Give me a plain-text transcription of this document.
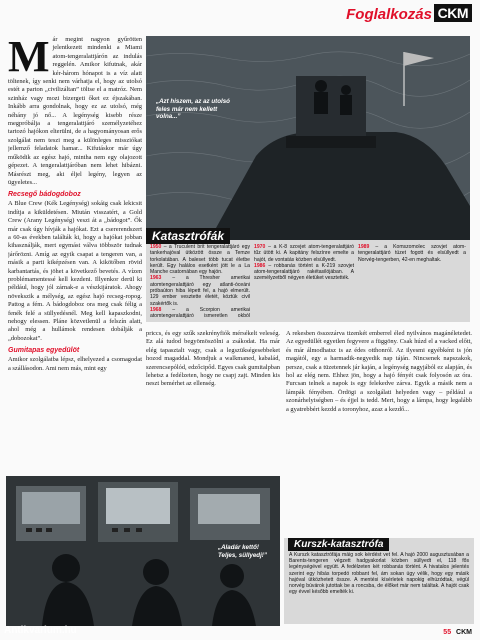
Foglalkozás CKM
M ár megint nagyon gyűrötten jelentkezett mindenki a Miami atom-tengeralattjárón az indulás reggelén. Amikor kifutnak, akár kér-három hónapot is a víz alatt töltenek, így senki nem várhatja el, hogy az utolsó estét a parton „civilizáltan” töltse el a matróz. Nem szinház vagy mozi bizergeti őket ez éjszakában. Inkább arra gondolnak, hogy ez az utolsó, még néhány jó nő... A legénység kisebb része megpróbálja a tengeralattjáró személyzetéhez tartozó hajókon elterülni, de a hagyományosan erős szolgálat nem teszi meg a különleges missziókat jellemző feladatok hamar... Kifutáskor már úgy működik az egész hajó, mintha nem egy olajozott gépezet. A tengeralattjáróban nem lehet hibázni. Másrészt meg, aki éljel legény, legyen az ügyeletes...

Recsegő bádogdoboz

A Blue Crew (Kék Legénység) sokáig csak lekicsit indítja a kiküldetésen. Miután visszatért, a Gold Crew (Arany Legénység) veszi át a „bádogot”. Ők már csak úgy hívják a hajókat. Ezt a csererendszert a 60-as években találták ki, hogy a hajókat jobban kihasználják, mert egymást válva többször tudnak járőrözni. Amíg az egyik csapat a tengeren van, a másik a parti kiképzésen van. A kikötőben rövid karbantartás, és jöhet a következő bevetés. A vízen problémamentessé kell kezdeni. Illyenkor derül ki például, hogy jól zárnak-e a vészkijáratok. Ahogy növekszik a mélység, az egész hajó recseg-ropog. Pattog a fém. A bádogdoboz ora meg csak félig a fenék felé a süllyedésnél. Meg kell kapaszkodni, nehogy elessen. Pláne közvetlenül a felszín alatt, ahol még a hullámok rendesen dobálják a „dobozokat”.

Gumitapas egyedülöt

Amikor szolgálatba lépsz, elhelyezed a csomagodat a szállásodon. Ami nem más, mint egy

„Azt hiszem, az az utolsó feles már nem kellett volna...”
Katasztrófák
1950 – a Truculent brit tengeralattjáró egy tankerhajóval ütközött össze a Temze torkolatában. A baleset több tucat életbe került. Egy halálos esetként jött le a La Manche csatornában egy hajón.
1963 – a Thresher amerikai atomtengeralattjáró egy atlanti-óceáni próbaúton hiba lépett fel, a hajó elmerült. 129 ember vesztette életét, köztük civil szakértők is.
1968 – a Scorpion amerikai atomtengeralattjáró ismeretlen okból
1970 – a K-8 szovjet atom-tengeralattjáró tűz ütött ki. A kapitány felszínre emelte a hajót, de vontatás közben elsüllyedt.
1986 – robbanás történt a K-219 szovjet atom-tengeralattjáró rakétasilójában. A személyzetből négyen életüket vesztették.
1989 – a Komszomolec szovjet atom-tengeralattjáró tüzet fogott és elsüllyedt a Norvég-tengerben, 42-en meghaltak.

priccs, és egy szűk szekrényfiók mérsékelt veleség. Ez alá tudod begyömöszölni a zsákodat. Ha már elég tapasztalt vagy, csak a legszükségesebbeket hozod magaddal. Mondjuk a walkmaned, kabalád, szerencsepólód, edzőcipőd. Egyes csak gumitalpban lehetsz a fedélzeten, hogy ne csapj zajt. Minden kis neszt bemérhet az ellenség.

A rekesben összezárva tizenkét emberrel éled nyilvános magánéletedet. Az egyedüllét egyetlen fegyvere a függöny. Csak húzd el a vacked előtt, és már álmodhatsz is az édes otthonról. Az ilyesmi egyébként is jón magától, egy a harmadik-negyedik nap táján. Nincsenek napszakok, persze, csak a tüzetennek jár kaján, a legénység nagyjából ez alapján, és hol az elég nem. Ehhez jön, hogy a hajó fényét csak folyosón az óra. Furcsan telnek a napok is egy felekedve zárva. Egyik a másik nem a lámpák fényében. Ördögi a szolgálati helyeden vagy – például a szonárhelyiségben – és éjjel is tedd. Mert, hogy a lámpa, hogy legalább a gyatrebbért kezdd a toronyhoz, azaz a kezdő...

„Aladár kettő! Teljes, süllyedj!”
Kurszk-katasztrófa
A Kurszk katasztrófája máig sok kérdést vet fel. A hajó 2000 augusztusában a Barents-tengeren végzett hadgyakorlat közben süllyedt el, 118 fős legénységével együtt. A fedélzeten két robbanás történt. A hivatalos jelentés szerint egy hibás torpedó robbant fel, ám sokan úgy vélik, hogy egy másik hajóval ütközhetett össze. A mentési kísérletek napokig elhúzódtak, végül norvég búvárok jutottak be a roncsba, de élőket már nem találtak. A hajót csak egy évvel később emelték ki.
55 CKM
Antikvarium.hu
